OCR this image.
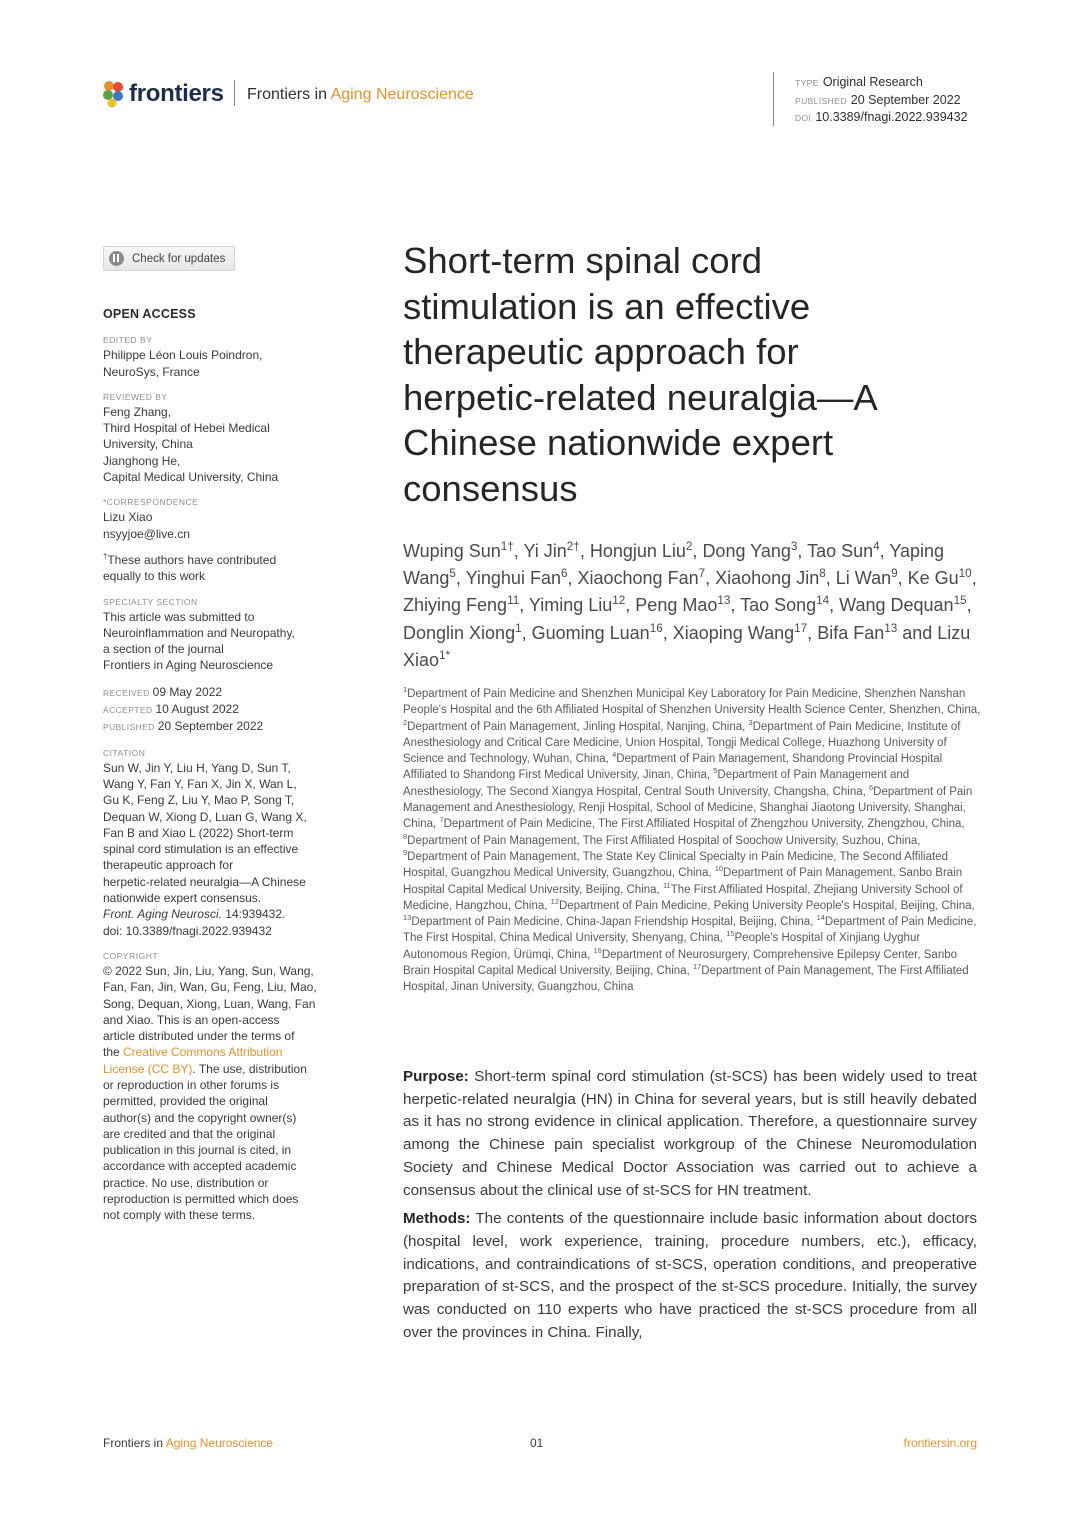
frontiers Frontiers in Aging Neuroscience
TYPE Original Research
PUBLISHED 20 September 2022
DOI 10.3389/fnagi.2022.939432
Check for updates
OPEN ACCESS
EDITED BY
Philippe Léon Louis Poindron,
NeuroSys, France
REVIEWED BY
Feng Zhang,
Third Hospital of Hebei Medical
University, China
Jianghong He,
Capital Medical University, China
*CORRESPONDENCE
Lizu Xiao
nsyyjoe@live.cn
†These authors have contributed
equally to this work
SPECIALTY SECTION
This article was submitted to
Neuroinflammation and Neuropathy,
a section of the journal
Frontiers in Aging Neuroscience
RECEIVED 09 May 2022
ACCEPTED 10 August 2022
PUBLISHED 20 September 2022
CITATION
Sun W, Jin Y, Liu H, Yang D, Sun T,
Wang Y, Fan Y, Fan X, Jin X, Wan L,
Gu K, Feng Z, Liu Y, Mao P, Song T,
Dequan W, Xiong D, Luan G, Wang X,
Fan B and Xiao L (2022) Short-term
spinal cord stimulation is an effective
therapeutic approach for
herpetic-related neuralgia—A Chinese
nationwide expert consensus.
Front. Aging Neurosci. 14:939432.
doi: 10.3389/fnagi.2022.939432
COPYRIGHT
© 2022 Sun, Jin, Liu, Yang, Sun, Wang,
Fan, Fan, Jin, Wan, Gu, Feng, Liu, Mao,
Song, Dequan, Xiong, Luan, Wang, Fan
and Xiao. This is an open-access
article distributed under the terms of
the Creative Commons Attribution
License (CC BY). The use, distribution
or reproduction in other forums is
permitted, provided the original
author(s) and the copyright owner(s)
are credited and that the original
publication in this journal is cited, in
accordance with accepted academic
practice. No use, distribution or
reproduction is permitted which does
not comply with these terms.
Short-term spinal cord
stimulation is an effective
therapeutic approach for
herpetic-related neuralgia—A
Chinese nationwide expert
consensus
Wuping Sun$^{1\dagger}$, Yi Jin$^{2\dagger}$, Hongjun Liu$^2$, Dong Yang$^3$, Tao Sun$^4$, Yaping Wang$^5$, Yinghui Fan$^6$, Xiaochong Fan$^7$, Xiaohong Jin$^8$, Li Wan$^9$, Ke Gu$^{10}$, Zhiying Feng$^{11}$, Yiming Liu$^{12}$, Peng Mao$^{13}$, Tao Song$^{14}$, Wang Dequan$^{15}$, Donglin Xiong$^1$, Guoming Luan$^{16}$, Xiaoping Wang$^{17}$, Bifa Fan$^{13}$ and Lizu Xiao$^{1*}$
$^1$Department of Pain Medicine and Shenzhen Municipal Key Laboratory for Pain Medicine, Shenzhen Nanshan People's Hospital and the 6th Affiliated Hospital of Shenzhen University Health Science Center, Shenzhen, China, $^2$Department of Pain Management, Jinling Hospital, Nanjing, China, $^3$Department of Pain Medicine, Institute of Anesthesiology and Critical Care Medicine, Union Hospital, Tongji Medical College, Huazhong University of Science and Technology, Wuhan, China, $^4$Department of Pain Management, Shandong Provincial Hospital Affiliated to Shandong First Medical University, Jinan, China, $^5$Department of Pain Management and Anesthesiology, The Second Xiangya Hospital, Central South University, Changsha, China, $^6$Department of Pain Management and Anesthesiology, Renji Hospital, School of Medicine, Shanghai Jiaotong University, Shanghai, China, $^7$Department of Pain Medicine, The First Affiliated Hospital of Zhengzhou University, Zhengzhou, China, $^8$Department of Pain Management, The First Affiliated Hospital of Soochow University, Suzhou, China, $^9$Department of Pain Management, The State Key Clinical Specialty in Pain Medicine, The Second Affiliated Hospital, Guangzhou Medical University, Guangzhou, China, $^{10}$Department of Pain Management, Sanbo Brain Hospital Capital Medical University, Beijing, China, $^{11}$The First Affiliated Hospital, Zhejiang University School of Medicine, Hangzhou, China, $^{12}$Department of Pain Medicine, Peking University People's Hospital, Beijing, China, $^{13}$Department of Pain Medicine, China-Japan Friendship Hospital, Beijing, China, $^{14}$Department of Pain Medicine, The First Hospital, China Medical University, Shenyang, China, $^{15}$People's Hospital of Xinjiang Uyghur Autonomous Region, Ürümqi, China, $^{16}$Department of Neurosurgery, Comprehensive Epilepsy Center, Sanbo Brain Hospital Capital Medical University, Beijing, China, $^{17}$Department of Pain Management, The First Affiliated Hospital, Jinan University, Guangzhou, China

Purpose: Short-term spinal cord stimulation (st-SCS) has been widely used to treat herpetic-related neuralgia (HN) in China for several years, but is still heavily debated as it has no strong evidence in clinical application. Therefore, a questionnaire survey among the Chinese pain specialist workgroup of the Chinese Neuromodulation Society and Chinese Medical Doctor Association was carried out to achieve a consensus about the clinical use of st-SCS for HN treatment.

Methods: The contents of the questionnaire include basic information about doctors (hospital level, work experience, training, procedure numbers, etc.), efficacy, indications, and contraindications of st-SCS, operation conditions, and preoperative preparation of st-SCS, and the prospect of the st-SCS procedure. Initially, the survey was conducted on 110 experts who have practiced the st-SCS procedure from all over the provinces in China. Finally,

Frontiers in Aging Neuroscience	01	frontiersin.org
